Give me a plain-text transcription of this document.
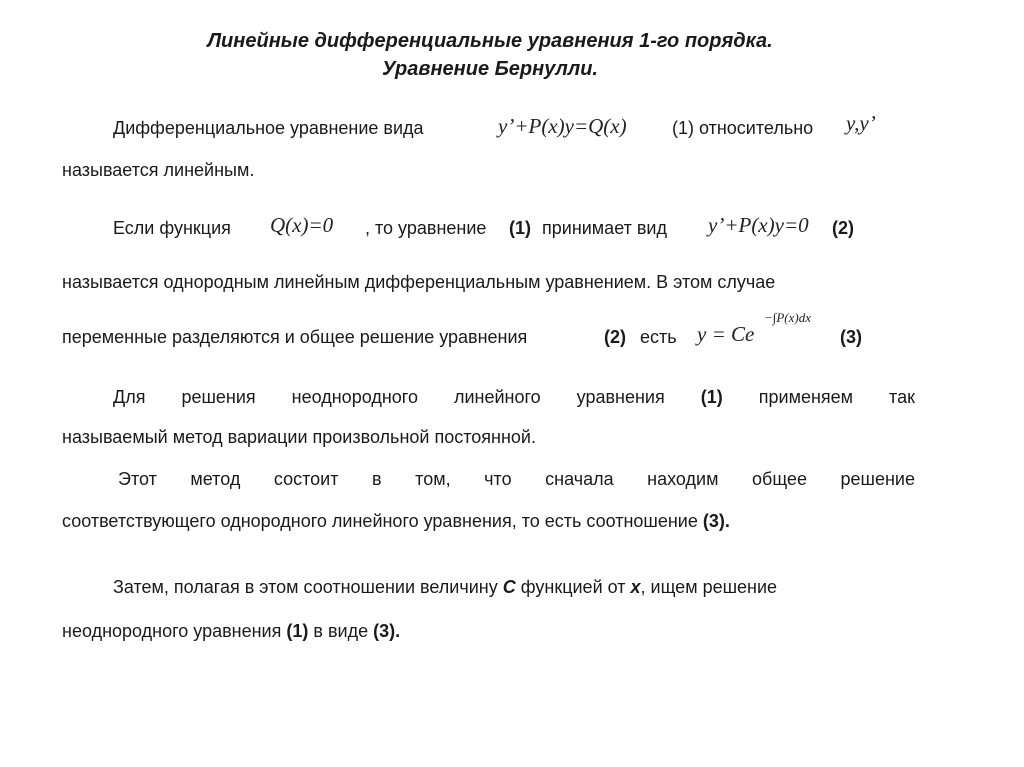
Линейные дифференциальные уравнения 1-го порядка.
Уравнение Бернулли.
Дифференциальное уравнение вида	y’+P(x)y=Q(x)	(1) относительно y,y’
называется линейным.
Если функция Q(x)=0 , то уравнение (1) принимает вид y’+P(x)y=0 (2)
называется однородным линейным дифференциальным уравнением. В этом случае
переменные разделяются и общее решение уравнения	(2) есть y = Ce
−∫P(x)dx
(3)
Для решения неоднородного линейного уравнения (1) применяем так
называемый метод вариации произвольной постоянной.
Этот метод состоит в том, что сначала находим общее решение
соответствующего однородного линейного уравнения, то есть соотношение (3).
Затем, полагая в этом соотношении величину С функцией от х, ищем решение
неоднородного уравнения (1) в виде (3).
